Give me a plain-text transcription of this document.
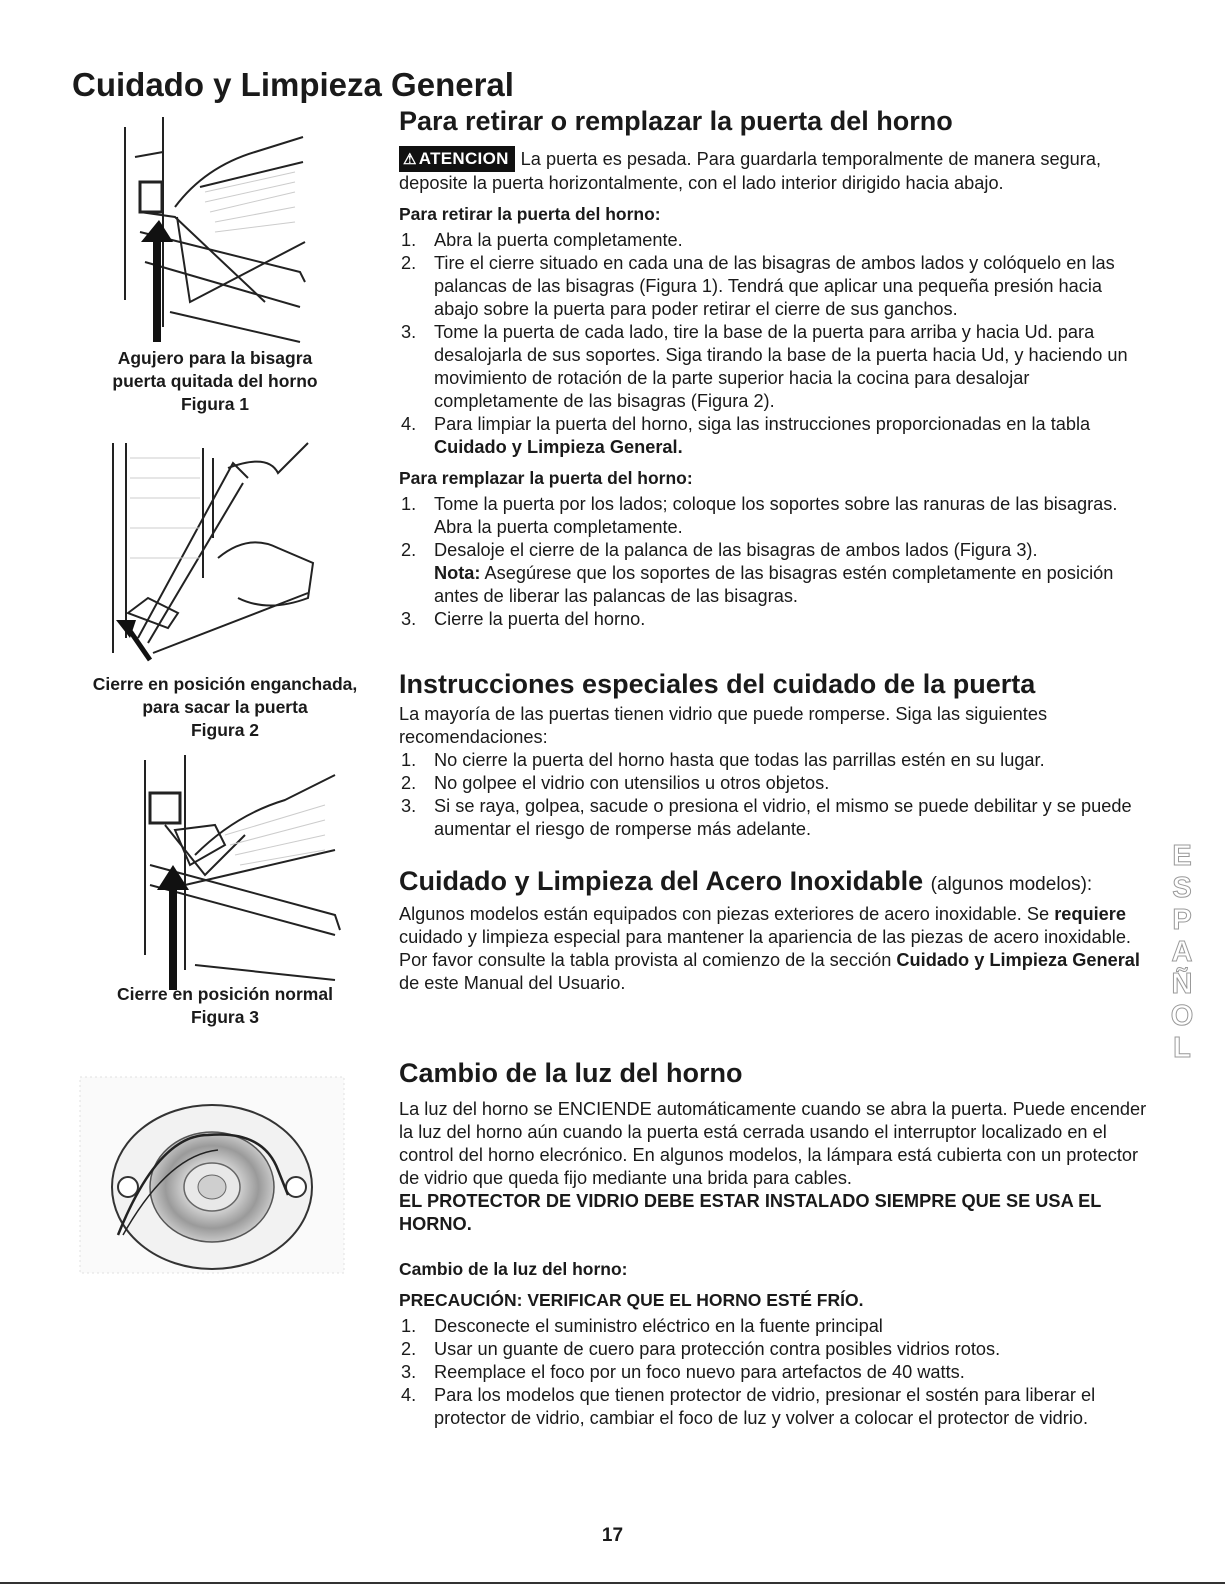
Cuidado y Limpieza General
Agujero para la bisagra
puerta quitada del horno
Figura 1
Cierre en posición enganchada,
para sacar la puerta
Figura 2
Cierre en posición normal
Figura 3
Para retirar o remplazar la puerta del horno

⚠ ATENCION La puerta es pesada. Para guardarla temporalmente de manera segura, deposite la puerta horizontalmente, con el lado interior dirigido hacia abajo.

Para retirar la puerta del horno:
1. Abra la puerta completamente.
2. Tire el cierre situado en cada una de las bisagras de ambos lados y colóquelo en las palancas de las bisagras (Figura 1). Tendrá que aplicar una pequeña presión hacia abajo sobre la puerta para poder retirar el cierre de sus ganchos.
3. Tome la puerta de cada lado, tire la base de la puerta para arriba y hacia Ud. para desalojarla de sus soportes. Siga tirando la base de la puerta hacia Ud, y haciendo un movimiento de rotación de la parte superior hacia la cocina para desalojar completamente de las bisagras (Figura 2).
4. Para limpiar la puerta del horno, siga las instrucciones proporcionadas en la tabla Cuidado y Limpieza General.
Para remplazar la puerta del horno:
1. Tome la puerta por los lados; coloque los soportes sobre las ranuras de las bisagras. Abra la puerta completamente.
2. Desaloje el cierre de la palanca de las bisagras de ambos lados (Figura 3).
Nota: Asegúrese que los soportes de las bisagras estén completamente en posición antes de liberar las palancas de las bisagras.
3. Cierre la puerta del horno.
Instrucciones especiales del cuidado de la puerta

La mayoría de las puertas tienen vidrio que puede romperse. Siga las siguientes recomendaciones:

1. No cierre la puerta del horno hasta que todas las parrillas estén en su lugar.
2. No golpee el vidrio con utensilios u otros objetos.
3. Si se raya, golpea, sacude o presiona el vidrio, el mismo se puede debilitar y se puede aumentar el riesgo de romperse más adelante.
Cuidado y Limpieza del Acero Inoxidable (algunos modelos):

Algunos modelos están equipados con piezas exteriores de acero inoxidable. Se requiere cuidado y limpieza especial para mantener la apariencia de las piezas de acero inoxidable. Por favor consulte la tabla provista al comienzo de la sección Cuidado y Limpieza General de este Manual del Usuario.

Cambio de la luz del horno

La luz del horno se ENCIENDE automáticamente cuando se abra la puerta. Puede encender la luz del horno aún cuando la puerta está cerrada usando el interruptor localizado en el control del horno elecrónico. En algunos modelos, la lámpara está cubierta con un protector de vidrio que queda fijo mediante una brida para cables.

EL PROTECTOR DE VIDRIO DEBE ESTAR INSTALADO SIEMPRE QUE SE USA EL HORNO.

Cambio de la luz del horno:
PRECAUCIÓN: VERIFICAR QUE EL HORNO ESTÉ FRÍO.
1. Desconecte el suministro eléctrico en la fuente principal
2. Usar un guante de cuero para protección contra posibles vidrios rotos.
3. Reemplace el foco por un foco nuevo para artefactos de 40 watts.
4. Para los modelos que tienen protector de vidrio, presionar el sostén para liberar el protector de vidrio, cambiar el foco de luz y volver a colocar el protector de vidrio.
E
S
P
A
Ñ
O
L
17
